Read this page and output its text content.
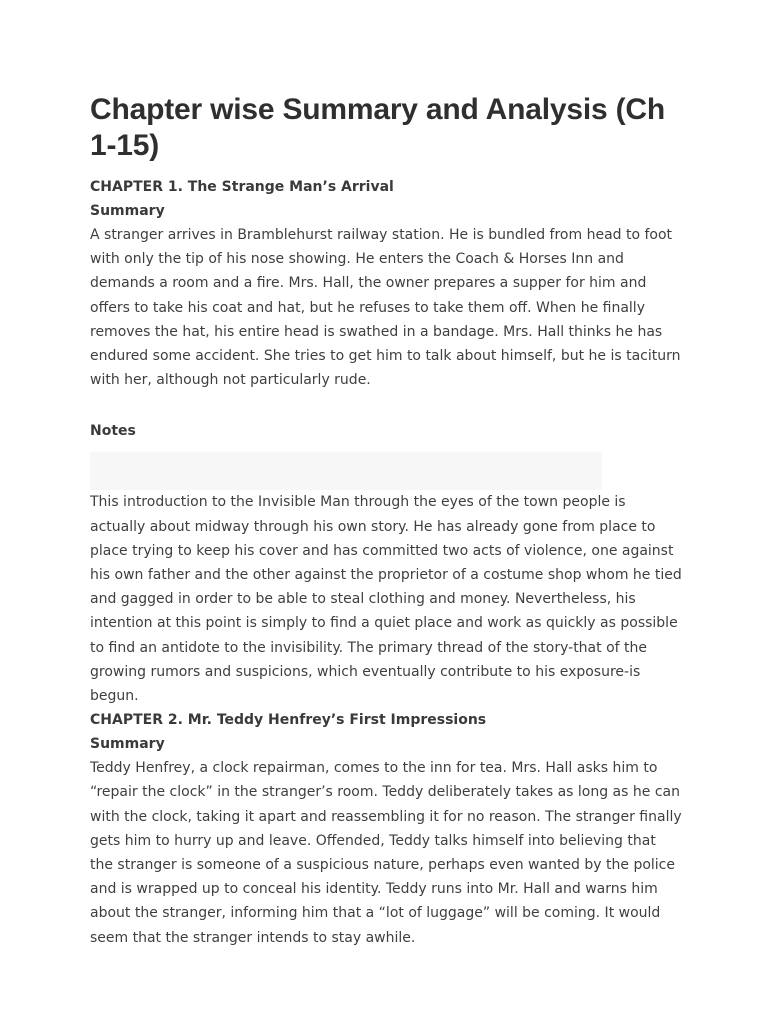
Chapter wise Summary and Analysis (Ch 1-15)
CHAPTER 1. The Strange Man’s Arrival
Summary

A stranger arrives in Bramblehurst railway station. He is bundled from head to foot with only the tip of his nose showing. He enters the Coach & Horses Inn and demands a room and a fire. Mrs. Hall, the owner prepares a supper for him and offers to take his coat and hat, but he refuses to take them off. When he finally removes the hat, his entire head is swathed in a bandage. Mrs. Hall thinks he has endured some accident. She tries to get him to talk about himself, but he is taciturn with her, although not particularly rude.

Notes

This introduction to the Invisible Man through the eyes of the town people is actually about midway through his own story. He has already gone from place to place trying to keep his cover and has committed two acts of violence, one against his own father and the other against the proprietor of a costume shop whom he tied and gagged in order to be able to steal clothing and money. Nevertheless, his intention at this point is simply to find a quiet place and work as quickly as possible to find an antidote to the invisibility. The primary thread of the story-that of the growing rumors and suspicions, which eventually contribute to his exposure-is begun.

CHAPTER 2. Mr. Teddy Henfrey’s First Impressions
Summary

Teddy Henfrey, a clock repairman, comes to the inn for tea. Mrs. Hall asks him to “repair the clock” in the stranger’s room. Teddy deliberately takes as long as he can with the clock, taking it apart and reassembling it for no reason. The stranger finally gets him to hurry up and leave. Offended, Teddy talks himself into believing that the stranger is someone of a suspicious nature, perhaps even wanted by the police and is wrapped up to conceal his identity. Teddy runs into Mr. Hall and warns him about the stranger, informing him that a “lot of luggage” will be coming. It would seem that the stranger intends to stay awhile.
